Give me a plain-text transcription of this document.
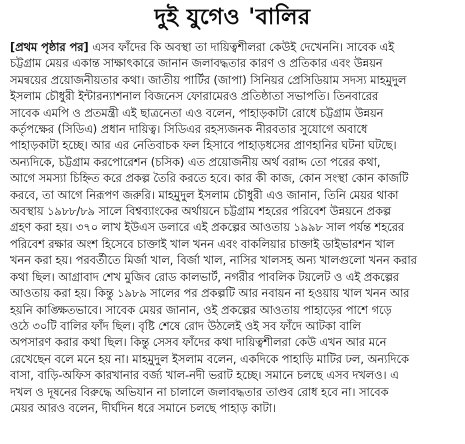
দুই যুগেও 'বালির
[প্রথম পৃষ্ঠার পর] এসব ফাঁদের কি অবস্থা তা দায়িত্বশীলরা কেউই দেখেননি। সাবেক এই
চট্টগ্রাম মেয়র একান্ত সাক্ষাৎকারে জানান জলাবদ্ধতার কারণ ও প্রতিকার এবং উন্নয়ন
সমন্বয়ের প্রয়োজনীয়তার কথা। জাতীয় পার্টির (জাপা) সিনিয়র প্রেসিডিয়াম সদস্য মাহমুদুল
ইসলাম চৌধুরী ইন্টারন্যাশনাল বিজনেস ফোরামেরও প্রতিষ্ঠাতা সভাপতি। তিনবারের
সাবেক এমপি ও প্রতমন্ত্রী এই ছাত্রনেতা এও বলেন, পাহাড়কাটা রোধে চট্টগ্রাম উন্নয়ন
কর্তৃপক্ষের (সিডিএ) প্রধান দায়িত্ব। সিডিএর রহস্যজনক নীরবতার সুযোগে অবাধে
পাহাড়কাটা হচ্ছে। আর এর নেতিবাচক ফল হিসাবে পাহাড়ধসের প্রাণহানির ঘটনা ঘটছে।
অন্যদিকে, চট্টগ্রাম করপোরেশন (চসিক) এত প্রয়োজনীয় অর্থ বরাদ্দ তো পরের কথা,
আগে সমস্যা চিহ্নিত করে প্রকল্প তৈরি করতে হবে। কার কী কাজ, কোন সংস্থা কোন কাজটি
করবে, তা আগে নিরূপণ জরুরি। মাহমুদুল ইসলাম চৌধুরী এও জানান, তিনি মেয়র থাকা
অবস্থায় ১৯৮৮/৮৯ সালে বিশ্বব্যাংকের অর্থায়নে চট্টগ্রাম শহরের পরিবেশ উন্নয়নে প্রকল্প
গ্রহণ করা হয়। ৩৭০ লাখ ইউএস ডলারে এই প্রকল্পের আওতায় ১৯৯৮ সাল পর্যন্ত শহরের
পরিবেশ রক্ষার অংশ হিসেবে চাক্তাই খাল খনন এবং বাকলিয়ার চাক্তাই ডাইভারশন খাল
খনন করা হয়। পরবর্তীতে মির্জা খাল, বির্জা খাল, নাসির খালসহ অন্য খালগুলো খনন করার
কথা ছিল। আগ্রাবাদ শেখ মুজিব রোড কালভার্ট, নগরীর পাবলিক টয়লেট ও এই প্রকল্পের
আওতায় করা হয়। কিন্তু ১৯৮৯ সালের পর প্রকল্পটি আর নবায়ন না হওয়ায় খাল খনন আর
হয়নি কাঙ্ক্ষিতভাবে। সাবেক মেয়র জানান, ওই প্রকল্পের আওতায় পাহাড়ের পাশে গড়ে
ওঠে ৩০টি বালির ফাঁদ ছিল। বৃষ্টি শেষে রোদ উঠলেই ওই সব ফাঁদে আটকা বালি
অপসারণ করার কথা ছিল। কিন্তু সেসব ফাঁদের কথা দায়িত্বশীলরা কেউ এখন আর মনে
রেখেছেন বলে মনে হয় না। মাহমুদুল ইসলাম বলেন, একদিকে পাহাড়ি মাটির ঢল, অন্যদিকে
বাসা, বাড়ি-অফিস কারখানার বর্জ্য খাল-নদী ভরাট হচ্ছে। সমানে চলছে এসব দখলও। এ
দখল ও দূষনের বিরুদ্ধে অভিযান না চালালে জলাবদ্ধতার তাণ্ডব রোধ হবে না। সাবেক
মেয়র আরও বলেন, দীর্ঘদিন ধরে সমানে চলছে পাহাড় কাটা।
